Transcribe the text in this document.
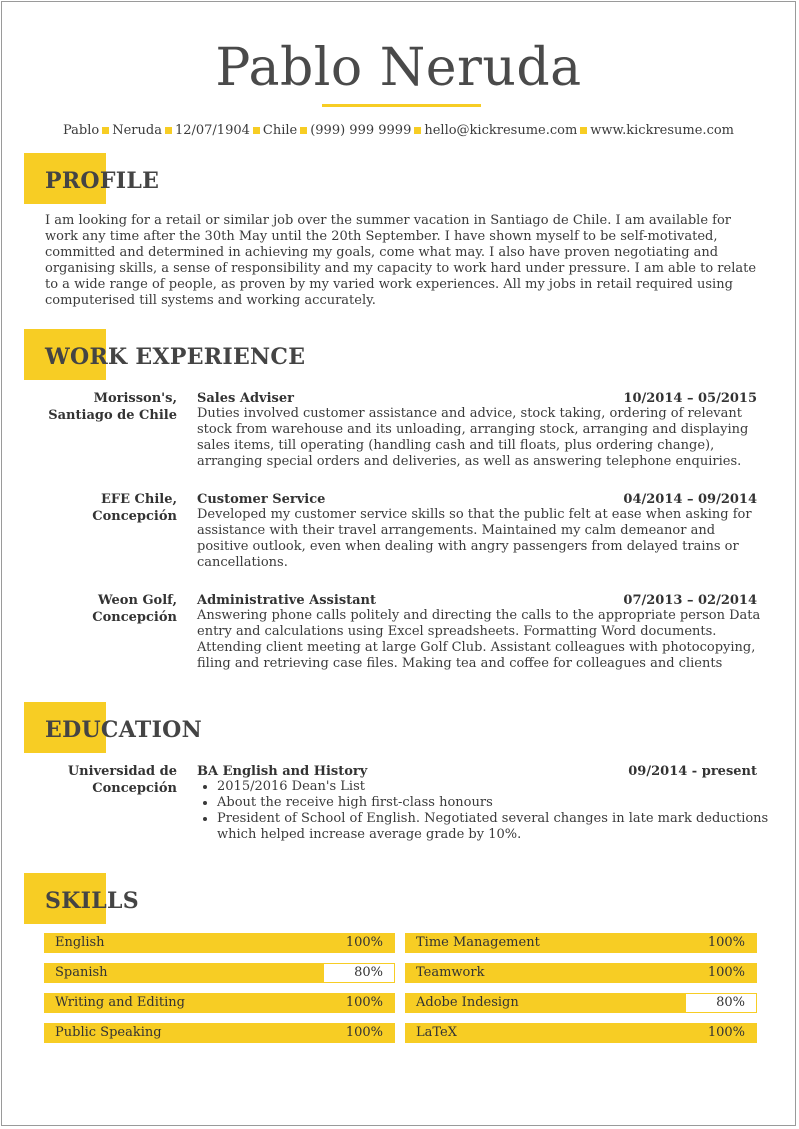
Pablo Neruda
Pablo Neruda 12/07/1904 Chile (999) 999 9999 hello@kickresume.com www.kickresume.com
PROFILE
I am looking for a retail or similar job over the summer vacation in Santiago de Chile. I am available for work any time after the 30th May until the 20th September. I have shown myself to be self-motivated, committed and determined in achieving my goals, come what may. I also have proven negotiating and organising skills, a sense of responsibility and my capacity to work hard under pressure. I am able to relate to a wide range of people, as proven by my varied work experiences. All my jobs in retail required using computerised till systems and working accurately.
WORK EXPERIENCE
Morisson's,
Santiago de Chile
Sales Adviser	10/2014 – 05/2015
Duties involved customer assistance and advice, stock taking, ordering of relevant stock from warehouse and its unloading, arranging stock, arranging and displaying sales items, till operating (handling cash and till floats, plus ordering change), arranging special orders and deliveries, as well as answering telephone enquiries.
EFE Chile,
Concepción
Customer Service	04/2014 – 09/2014
Developed my customer service skills so that the public felt at ease when asking for assistance with their travel arrangements. Maintained my calm demeanor and positive outlook, even when dealing with angry passengers from delayed trains or cancellations.
Weon Golf,
Concepción
Administrative Assistant	07/2013 – 02/2014
Answering phone calls politely and directing the calls to the appropriate person Data entry and calculations using Excel spreadsheets. Formatting Word documents. Attending client meeting at large Golf Club. Assistant colleagues with photocopying, filing and retrieving case files. Making tea and coffee for colleagues and clients
EDUCATION
Universidad de
Concepción
BA English and History	09/2014 - present
• 2015/2016 Dean's List
• About the receive high first-class honours
• President of School of English. Negotiated several changes in late mark deductions which helped increase average grade by 10%.
SKILLS
English	100%
Spanish	80%
Writing and Editing	100%
Public Speaking	100%
Time Management	100%
Teamwork	100%
Adobe Indesign	80%
LaTeX	100%
